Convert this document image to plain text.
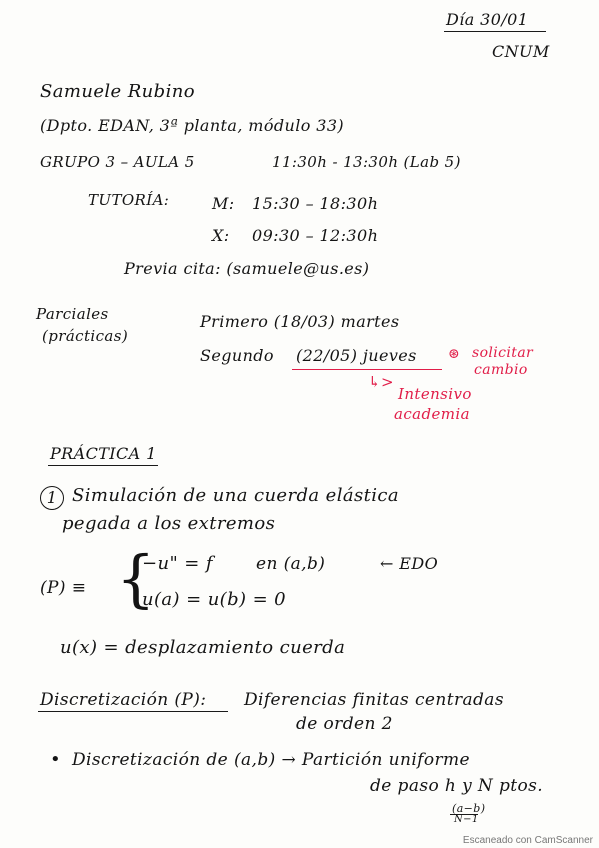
Día 30/01
CNUM
Samuele Rubino
(Dpto. EDAN, 3ª planta, módulo 33)
GRUPO 3 – AULA 5	11:30h - 13:30h (Lab 5)
TUTORÍA:	M: 15:30 – 18:30h
X: 09:30 – 12:30h
Previa cita: (samuele@us.es)
Parciales
(prácticas)
Primero (18/03) martes
Segundo (22/05) jueves ⊛ solicitar
cambio
↳>
Intensivo
academia
PRÁCTICA 1
1 Simulación de una cuerda elástica
pegada a los extremos
(P) ≡ {
−u" = f	en (a,b)	← EDO
u(a) = u(b) = 0
u(x) = desplazamiento cuerda
Discretización (P): Diferencias finitas centradas
de orden 2
• Discretización de (a,b) → Partición uniforme
de paso h y N ptos.
(a−b)
N−1
Escaneado con CamScanner
